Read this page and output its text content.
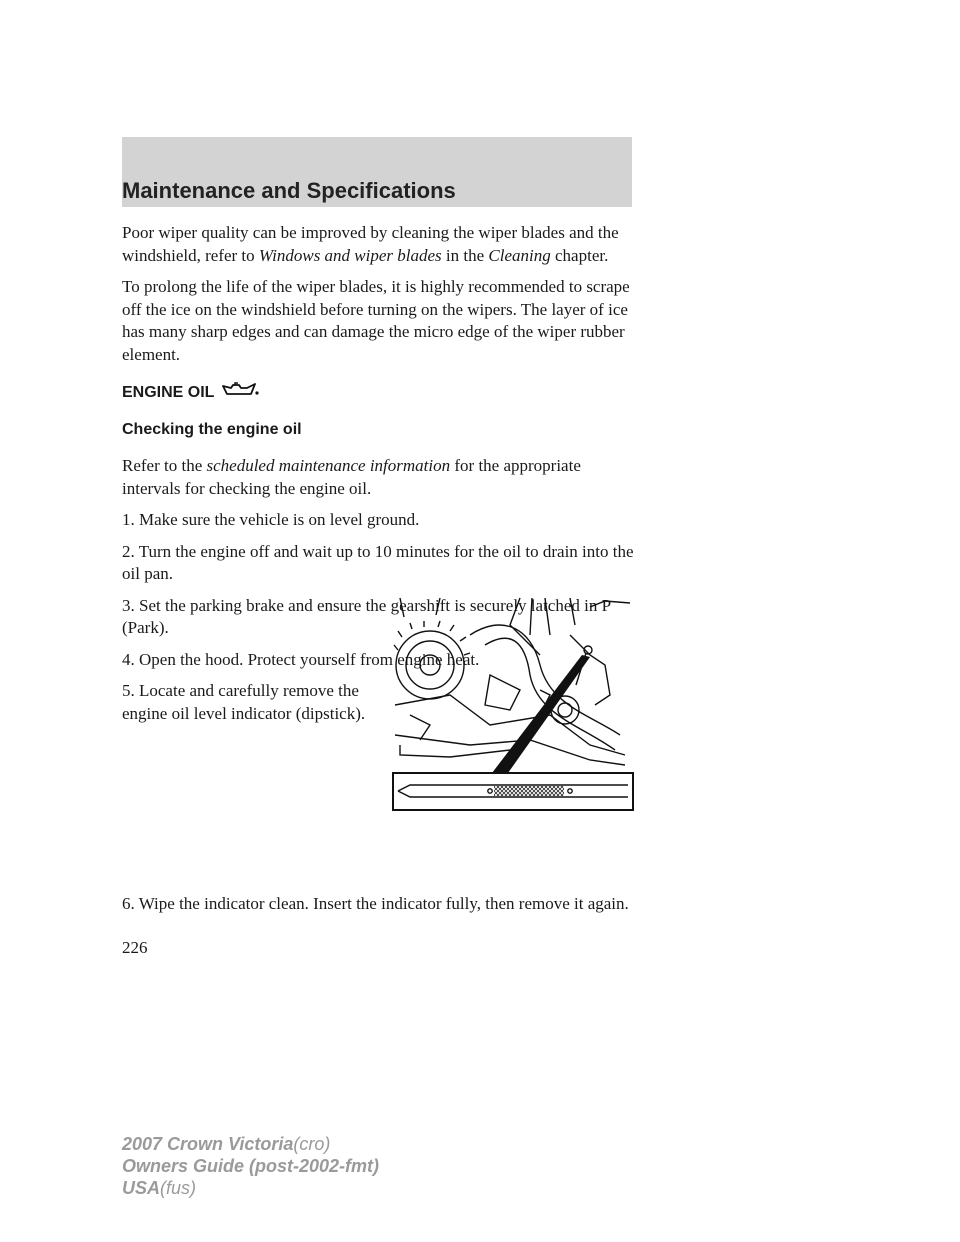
Maintenance and Specifications

Poor wiper quality can be improved by cleaning the wiper blades and the windshield, refer to Windows and wiper blades in the Cleaning chapter.

To prolong the life of the wiper blades, it is highly recommended to scrape off the ice on the windshield before turning on the wipers. The layer of ice has many sharp edges and can damage the micro edge of the wiper rubber element.

ENGINE OIL
Checking the engine oil

Refer to the scheduled maintenance information for the appropriate intervals for checking the engine oil.

1. Make sure the vehicle is on level ground.

2. Turn the engine off and wait up to 10 minutes for the oil to drain into the oil pan.

3. Set the parking brake and ensure the gearshift is securely latched in P (Park).

4. Open the hood. Protect yourself from engine heat.

5. Locate and carefully remove the engine oil level indicator (dipstick).

6. Wipe the indicator clean. Insert the indicator fully, then remove it again.

226
2007 Crown Victoria(cro)
Owners Guide (post-2002-fmt)
USA(fus)
